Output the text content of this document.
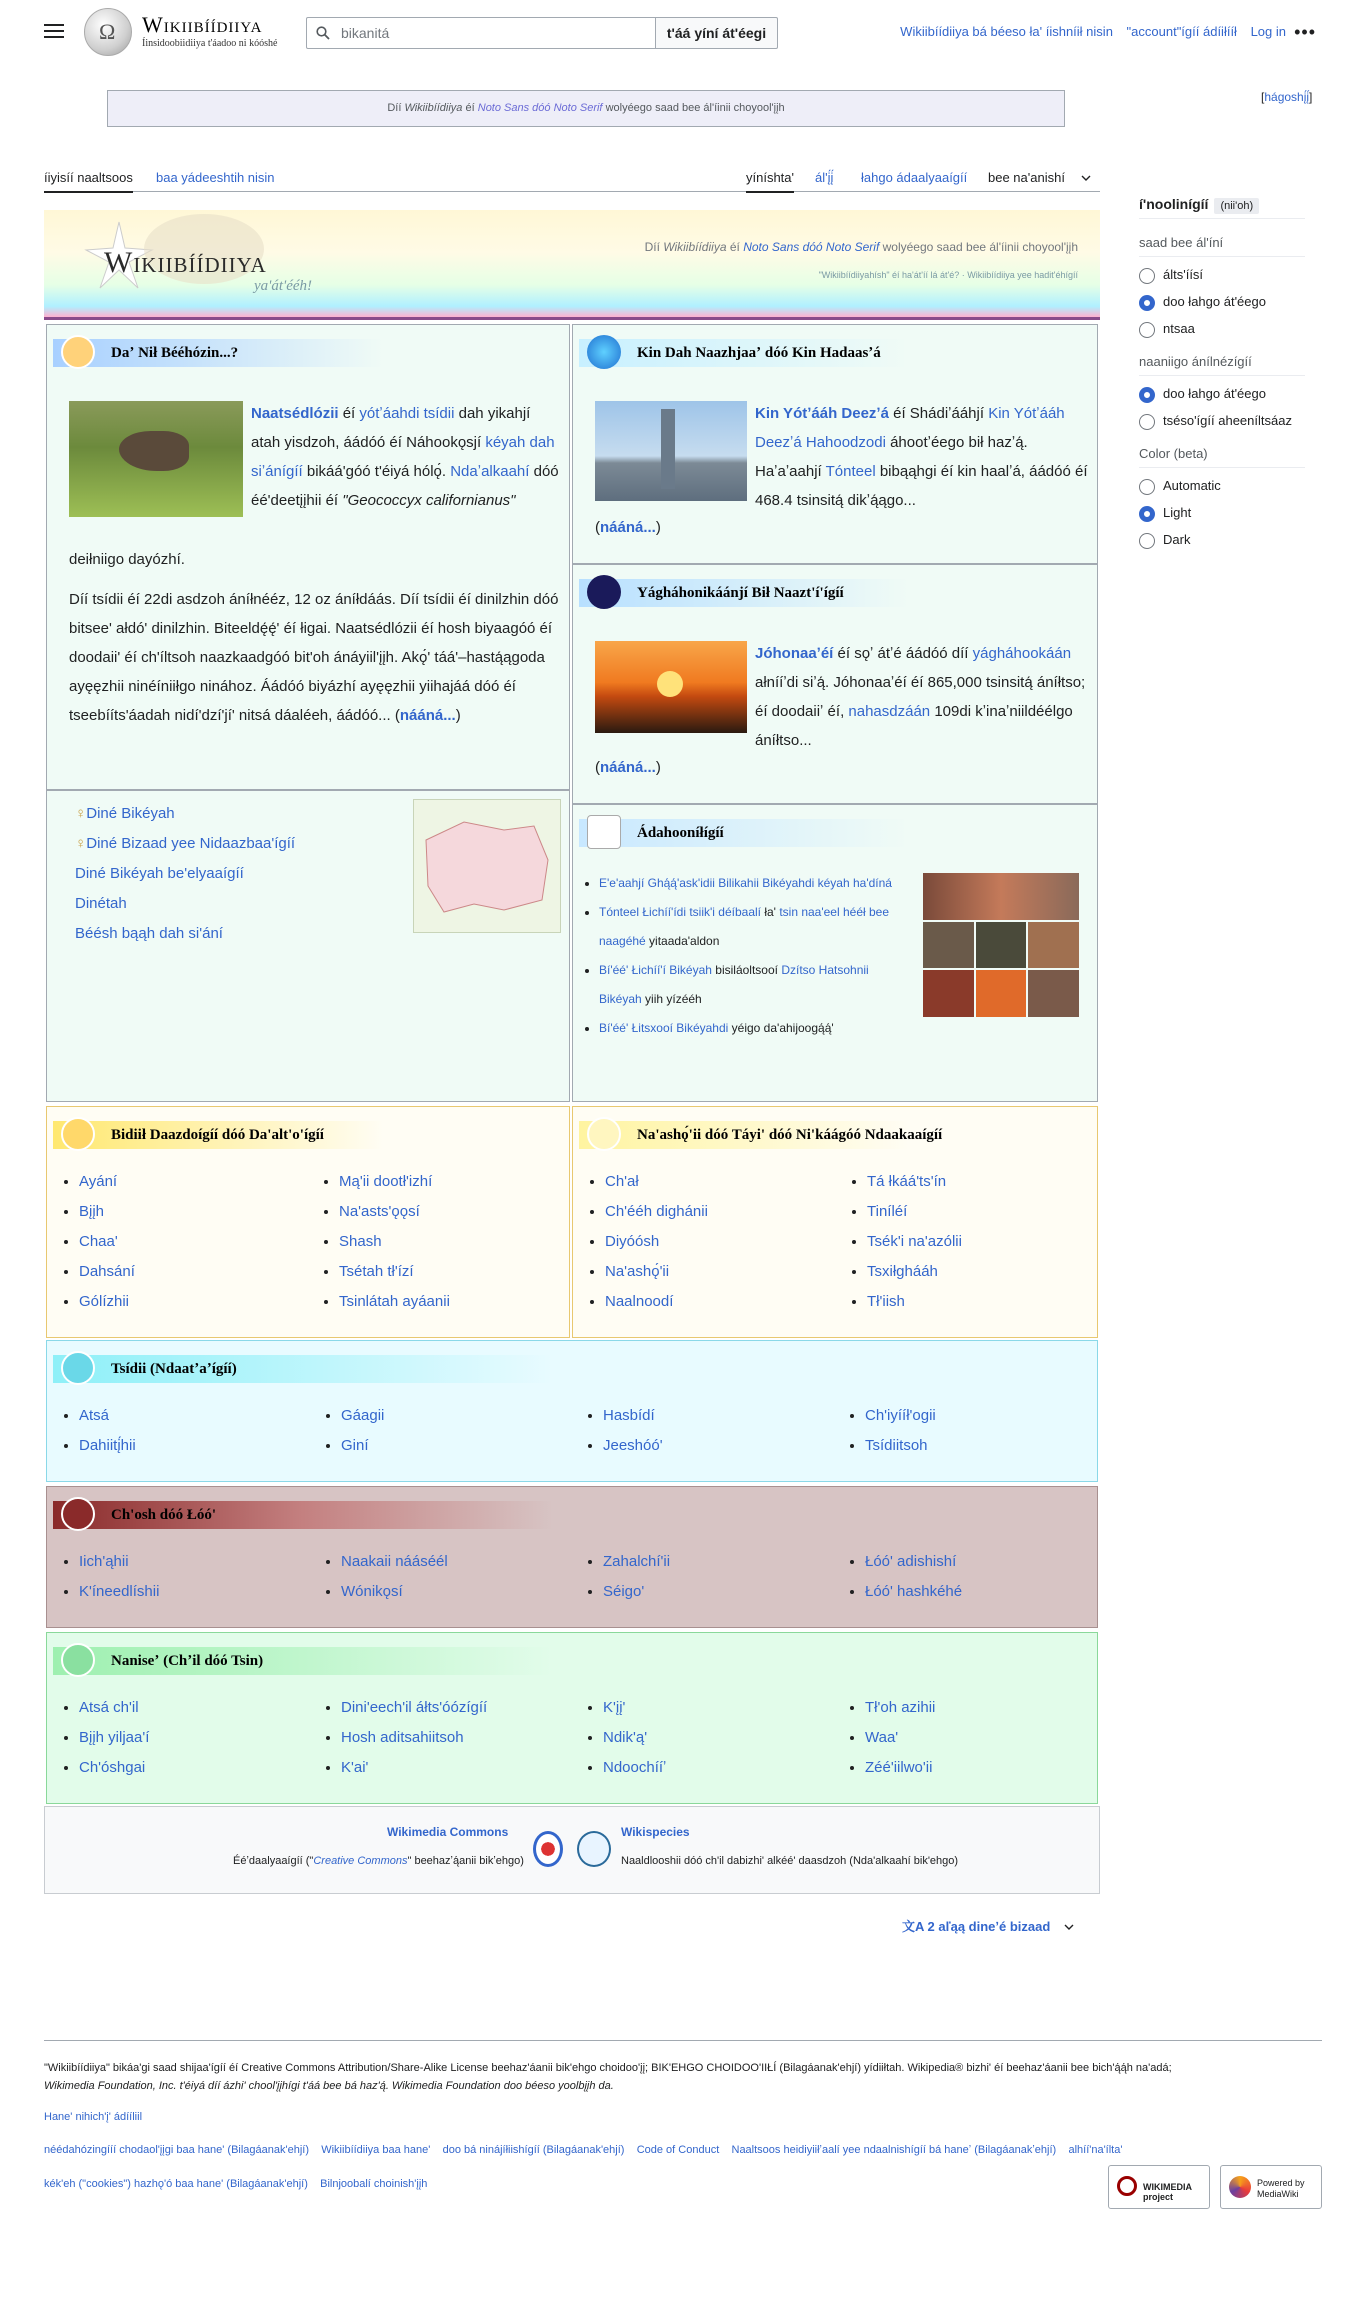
Ω
Wikiibíídiiya
Íinsidoobiidiiya t'áadoo ni kóóshé
bikanitá
t'áá yíní át'éegi	Wikiibíídiiya bá béeso ła' íishníił nisin "account"ígíí ádíiłííł Log in •••
Díí Wikiibíídiiya éí Noto Sans dóó Noto Serif wolyéego saad bee ál'íinii choyool'įįh
[hágoshį́į́]
íiyisíí naaltsoos baa yádeeshtih nisin	yíníshta' ál'į́į́ łahgo ádaalyaaígíí bee na'anishí
í'noolinígíí (nii'oh)
saad bee ál'íní
álts'íísí
doo łahgo át'éego
ntsaa
naaniigo ánílnézígíí
doo łahgo át'éego
tséso'ígíí aheeníltsáaz
Color (beta)
Automatic
Light
Dark
Wikiibíídiiya
ya'át'ééh!
Díí Wikiibíídiiya éí Noto Sans dóó Noto Serif wolyéego saad bee ál'íinii choyool'įįh
"Wikiibíídiiyahísh" éí ha'át'íí lá át'é? · Wikiibíídiiya yee hadit'éhígíí
Daʼ Nił Bééhózin...?
Naatsédlózii éí yótʼáahdi tsídii dah yikahjí atah yisdzoh, áádóó éí Náhookǫsjí kéyah dah siʼánígíí bikáá'góó t'éiyá hólǫ́. Ndaʼalkaahí dóó éé'deetįįhii éí "Geococcyx californianus"
deiłniigo dayózhí.
Díí tsídii éí 22di asdzoh áníłnééz, 12 oz áníłdáás. Díí tsídii éí dinilzhin dóó bitsee' ałdó' dinilzhin. Biteeldę́ę́' éí łigai. Naatsédlózii éí hosh biyaagóó éí doodaii' éí ch'íltsoh naazkaadgóó bit'oh ánáyiil'įįh. Akǫ́' táá'–hastą́ągoda ayęęzhii ninéíniiłgo ninához. Áádóó biyázhí ayęęzhii yiihajáá dóó éí tseebííts'áadah nidí'dzí'jí' nitsá dáaléeh, áádóó... (nááná...)
♀Diné Bikéyah
♀Diné Bizaad yee Nidaazbaa'ígíí
Diné Bikéyah be'elyaaígíí
Dinétah
Béésh bąąh dah si'ání
Kin Dah Naazhjaaʼ dóó Kin Hadaasʼá
Kin Yótʼááh Deezʼá éí Shádiʼááhjí Kin Yótʼááh Deezʼá Hahoodzodi áhootʼéego bił hazʼą́. Haʼaʼaahjí Tónteel bibąąhgi éí kin haalʼá, áádóó éí 468.4 tsinsitą́ dikʼą́ągo...
(nááná...)
Yágháhonikáánjí Bił Naazt'í'ígíí
Jóhonaaʼéí éí sǫʼ átʼé áádóó díí yágháhookáán ałnííʼdi siʼą́. Jóhonaaʼéí éí 865,000 tsinsitą́ áníłtso; éí doodaiiʼ éí, nahasdzáán 109di kʼinaʼniildéélgo áníłtso...
(nááná...)
Ádahooníłígíí
• E'e'aahjí Ghą́ą́'ask'idii Bilikahii Bikéyahdi kéyah ha'díná
• Tónteel Łichíí'ídi tsiik'i déíbaalí ła' tsin naa'eel hééł bee naagéhé yitaada'aldon
• Bí'éé' Łichíí'í Bikéyah bisiláoltsooí Dzítso Hatsohnii Bikéyah yiih yízééh
• Bí'éé' Łitsxooí Bikéyahdi yéigo da'ahijoogą́ą́'
Bidiił Daazdoígíí dóó Da'alt'o'ígíí
• Ayání
• Bįįh
• Chaa'
• Dahsání
• Gólízhii
• Mą'ii dootł'izhí
• Na'asts'ǫǫsí
• Shash
• Tsétah tł'ízí
• Tsinlátah ayáanii
Na'ashǫ́'ii dóó Táyi' dóó Ni'káágóó Ndaakaaígíí
• Ch'ał
• Ch'ééh dighánii
• Diyóósh
• Na'ashǫ́'ii
• Naalnoodí
• Tá łkáá'ts'ín
• Tiníléí
• Tsék'i na'azólii
• Tsxiłghááh
• Tł'iish
Tsídii (Ndaatʼaʼígíí)
• Atsá
• Dahiitį́hii
• Gáagii
• Giní
• Hasbídí
• Jeeshóó'
• Ch'iyííł'ogii
• Tsídiitsoh
Ch'osh dóó Łóó'
• Iich'ąhii
• K'íneedlíshii
• Naakaii nááséél
• Wónikǫsí
• Zahalchí'ii
• Séigo'
• Łóó' adishishí
• Łóó' hashkéhé
Naniseʼ (Chʼil dóó Tsin)
• Atsá ch'il
• Bįįh yiljaa'í
• Ch'óshgai
• Dini'eech'il áłts'óózígíí
• Hosh aditsahiitsoh
• K'ai'
• K'įį'
• Ndik'ą'
• Ndoochííʼ
• Tł'oh azihii
• Waa'
• Zéé'iilwo'ii
Wikimedia Commons
Ééʼdaalyaaígíí ("Creative Commons" beehazʼą́anii bikʼehgo)
Wikispecies
Naaldlooshii dóó ch'il dabizhi' alkéé' daasdzoh (Nda'alkaahí bik'ehgo)
文A 2 aľąą dineʼé bizaad
"Wikiibíídiiya" bikáa'gi saad shijaa'ígíí éí Creative Commons Attribution/Share-Alike License beehaz'áanii bik'ehgo choidoo'įį; BIK'EHGO CHOIDOO'IIŁÍ (Bilagáanak'ehjí) yídiiłtah. Wikipedia® bizhi' éí beehaz'áanii bee bich'ą́ą́h na'adá;
Wikimedia Foundation, Inc. t'éiyá díí ázhi' chool'įįhígi t'áá bee bá haz'ą́. Wikimedia Foundation doo béeso yoolbįįh da.
Hane' nihich'į' ádííliil
néédahózingííí chodaol'įįgi baa hane' (Bilagáanak'ehjí) Wikiibíídiiya baa hane' doo bá ninájíłiishígíí (Bilagáanak'ehjí) Code of Conduct Naaltsoos heidiyiiłʼaalí yee ndaalnishígíí bá haneʼ (Bilagáanakʼehjí) alhíí'na'ílta'
kék'eh ("cookies") hazhǫ'ó baa hane' (Bilagáanak'ehjí) Bilnjoobalí choinish'įįh	WIKIMEDIA project
Powered by MediaWiki
